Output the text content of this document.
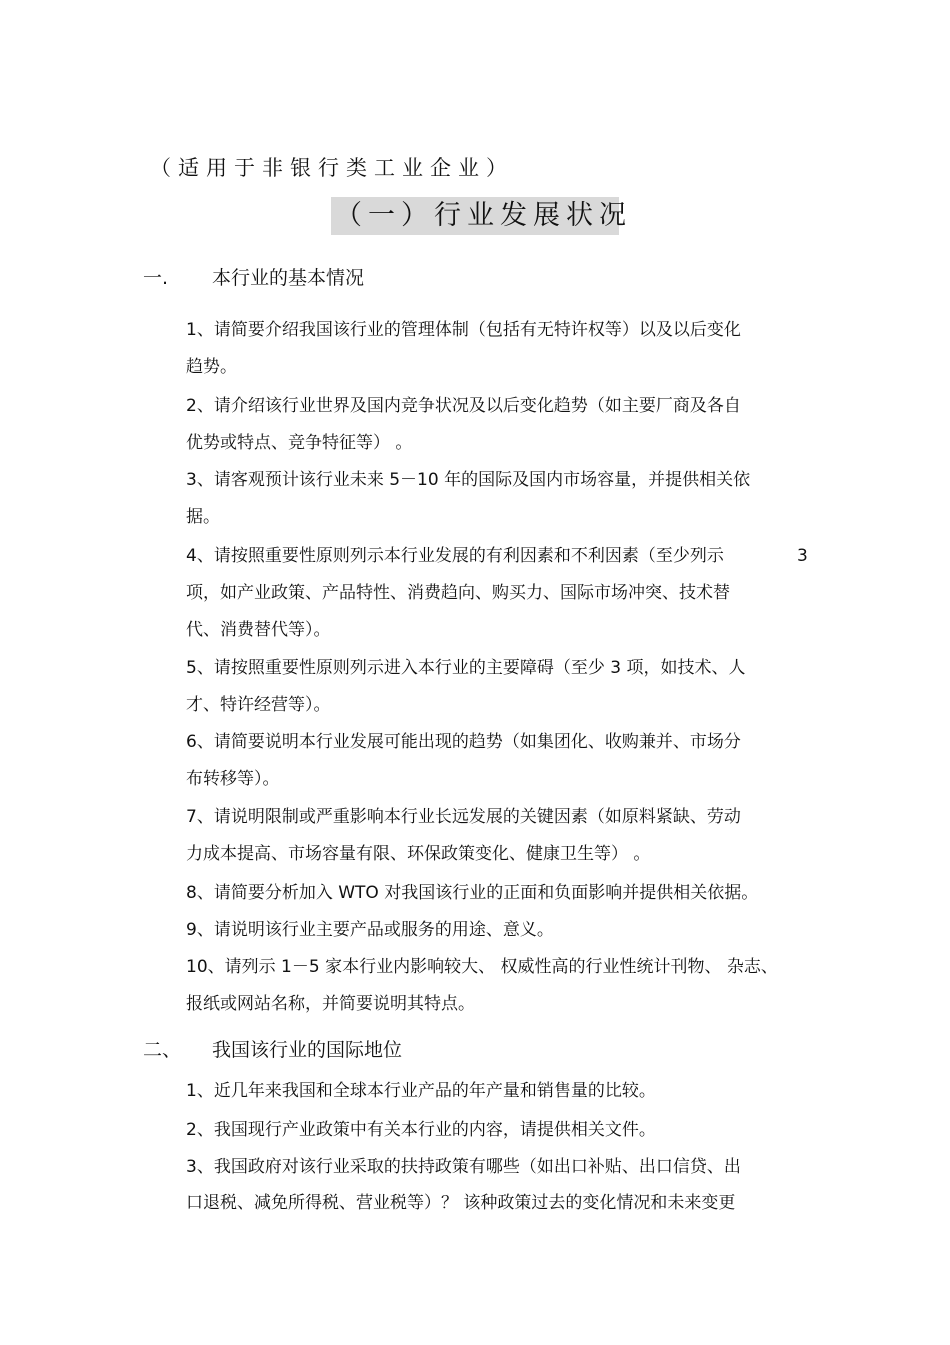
（适用于非银行类工业企业）
（一）行业发展状况
一. 本行业的基本情况
1、请简要介绍我国该行业的管理体制（包括有无特许权等）以及以后变化
趋势。
2、请介绍该行业世界及国内竞争状况及以后变化趋势（如主要厂商及各自
优势或特点、竞争特征等） 。
3、请客观预计该行业未来 5－10 年的国际及国内市场容量，并提供相关依
据。
4、请按照重要性原则列示本行业发展的有利因素和不利因素（至少列示	3
项，如产业政策、产品特性、消费趋向、购买力、国际市场冲突、技术替
代、消费替代等）。
5、请按照重要性原则列示进入本行业的主要障碍（至少 3 项，如技术、人
才、特许经营等）。
6、请简要说明本行业发展可能出现的趋势（如集团化、收购兼并、市场分
布转移等）。
7、请说明限制或严重影响本行业长远发展的关键因素（如原料紧缺、劳动
力成本提高、市场容量有限、环保政策变化、健康卫生等） 。
8、请简要分析加入 WTO 对我国该行业的正面和负面影响并提供相关依据。
9、请说明该行业主要产品或服务的用途、意义。
10、请列示 1－5 家本行业内影响较大、 权威性高的行业性统计刊物、 杂志、
报纸或网站名称，并简要说明其特点。
二、 我国该行业的国际地位
1、近几年来我国和全球本行业产品的年产量和销售量的比较。
2、我国现行产业政策中有关本行业的内容，请提供相关文件。
3、我国政府对该行业采取的扶持政策有哪些（如出口补贴、出口信贷、出
口退税、减免所得税、营业税等）？ 该种政策过去的变化情况和未来变更
